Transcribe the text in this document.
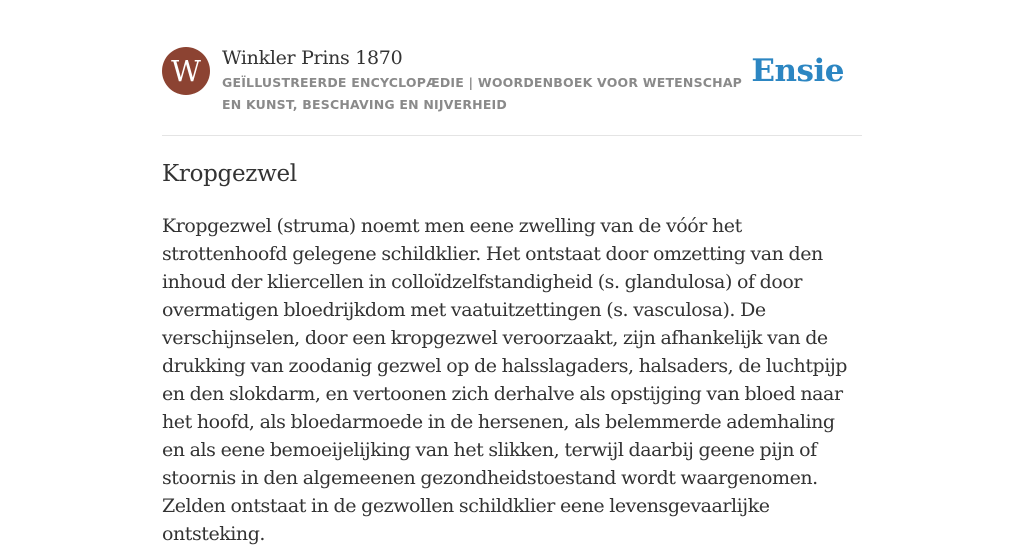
W	Winkler Prins 1870
GEÏLLUSTREERDE ENCYCLOPÆDIE | WOORDENBOEK VOOR WETENSCHAP EN KUNST, BESCHAVING EN NIJVERHEID
Ensie
Kropgezwel

Kropgezwel (struma) noemt men eene zwelling van de vóór het strottenhoofd gelegene schildklier. Het ontstaat door omzetting van den inhoud der kliercellen in colloïdzelfstandigheid (s. glandulosa) of door overmatigen bloedrijkdom met vaatuitzettingen (s. vasculosa). De verschijnselen, door een kropgezwel veroorzaakt, zijn afhankelijk van de drukking van zoodanig gezwel op de halsslagaders, halsaders, de luchtpijp en den slokdarm, en vertoonen zich derhalve als opstijging van bloed naar het hoofd, als bloedarmoede in de hersenen, als belemmerde ademhaling en als eene bemoeijelijking van het slikken, terwijl daarbij geene pijn of stoornis in den algemeenen gezondheidstoestand wordt waargenomen. Zelden ontstaat in de gezwollen schildklier eene levensgevaarlijke ontsteking.
